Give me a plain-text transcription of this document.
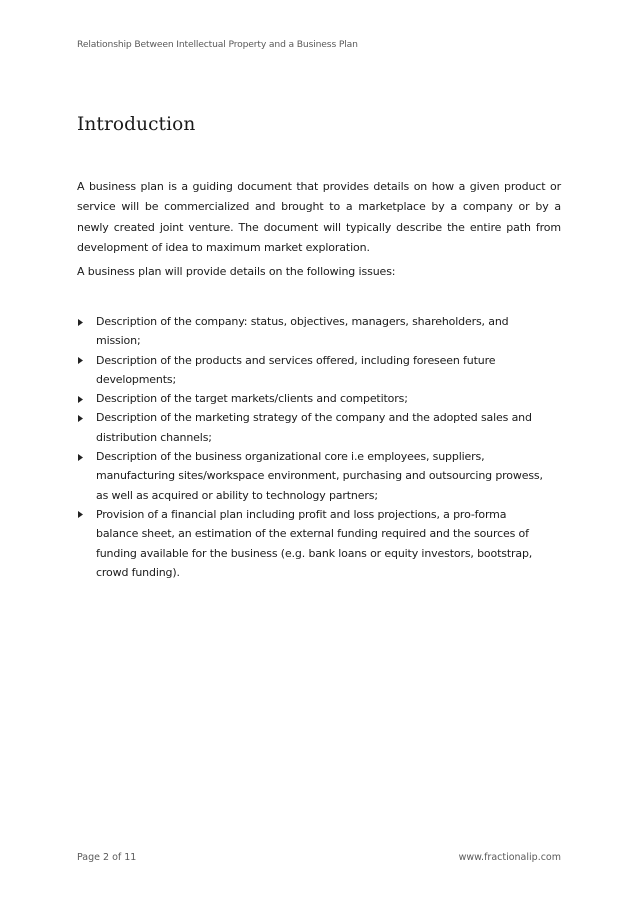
Relationship Between Intellectual Property and a Business Plan
Introduction

A business plan is a guiding document that provides details on how a given product or service will be commercialized and brought to a marketplace by a company or by a newly created joint venture. The document will typically describe the entire path from development of idea to maximum market exploration.

A business plan will provide details on the following issues:

Description of the company: status, objectives, managers, shareholders, and mission;
Description of the products and services offered, including foreseen future developments;
Description of the target markets/clients and competitors;
Description of the marketing strategy of the company and the adopted sales and distribution channels;
Description of the business organizational core i.e employees, suppliers, manufacturing sites/workspace environment, purchasing and outsourcing prowess, as well as acquired or ability to technology partners;
Provision of a financial plan including profit and loss projections, a pro-forma balance sheet, an estimation of the external funding required and the sources of funding available for the business (e.g. bank loans or equity investors, bootstrap, crowd funding).
Page 2 of 11	www.fractionalip.com
